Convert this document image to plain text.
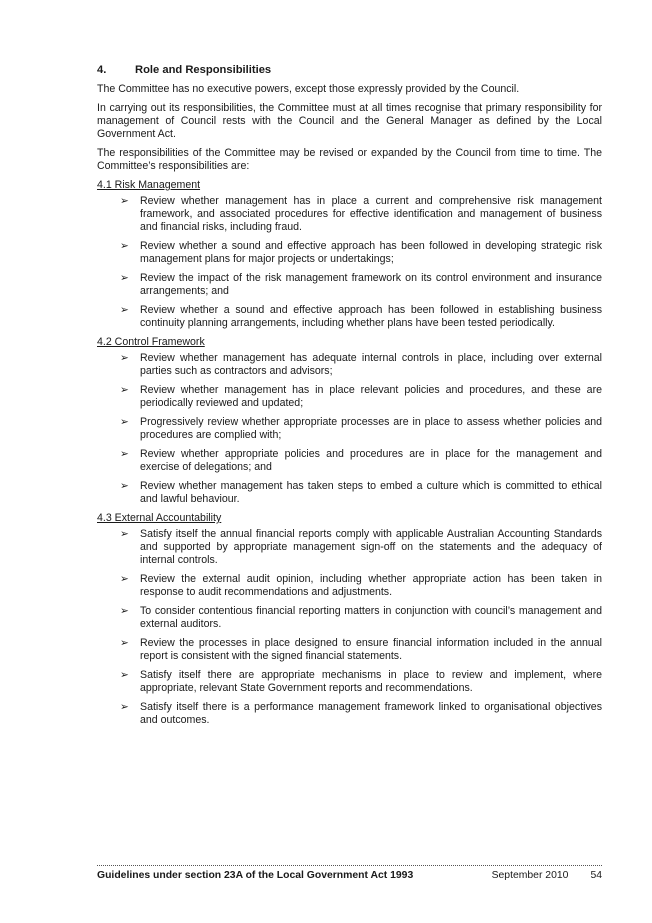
4.	Role and Responsibilities

The Committee has no executive powers, except those expressly provided by the Council.

In carrying out its responsibilities, the Committee must at all times recognise that primary responsibility for management of Council rests with the Council and the General Manager as defined by the Local Government Act.

The responsibilities of the Committee may be revised or expanded by the Council from time to time. The Committee’s responsibilities are:

4.1 Risk Management
➢	Review whether management has in place a current and comprehensive risk management framework, and associated procedures for effective identification and management of business and financial risks, including fraud.
➢	Review whether a sound and effective approach has been followed in developing strategic risk management plans for major projects or undertakings;
➢	Review the impact of the risk management framework on its control environment and insurance arrangements; and
➢	Review whether a sound and effective approach has been followed in establishing business continuity planning arrangements, including whether plans have been tested periodically.
4.2 Control Framework
➢	Review whether management has adequate internal controls in place, including over external parties such as contractors and advisors;
➢	Review whether management has in place relevant policies and procedures, and these are periodically reviewed and updated;
➢	Progressively review whether appropriate processes are in place to assess whether policies and procedures are complied with;
➢	Review whether appropriate policies and procedures are in place for the management and exercise of delegations; and
➢	Review whether management has taken steps to embed a culture which is committed to ethical and lawful behaviour.
4.3 External Accountability
➢	Satisfy itself the annual financial reports comply with applicable Australian Accounting Standards and supported by appropriate management sign-off on the statements and the adequacy of internal controls.
➢	Review the external audit opinion, including whether appropriate action has been taken in response to audit recommendations and adjustments.
➢	To consider contentious financial reporting matters in conjunction with council’s management and external auditors.
➢	Review the processes in place designed to ensure financial information included in the annual report is consistent with the signed financial statements.
➢	Satisfy itself there are appropriate mechanisms in place to review and implement, where appropriate, relevant State Government reports and recommendations.
➢	Satisfy itself there is a performance management framework linked to organisational objectives and outcomes.
Guidelines under section 23A of the Local Government Act 1993	September 2010 54
